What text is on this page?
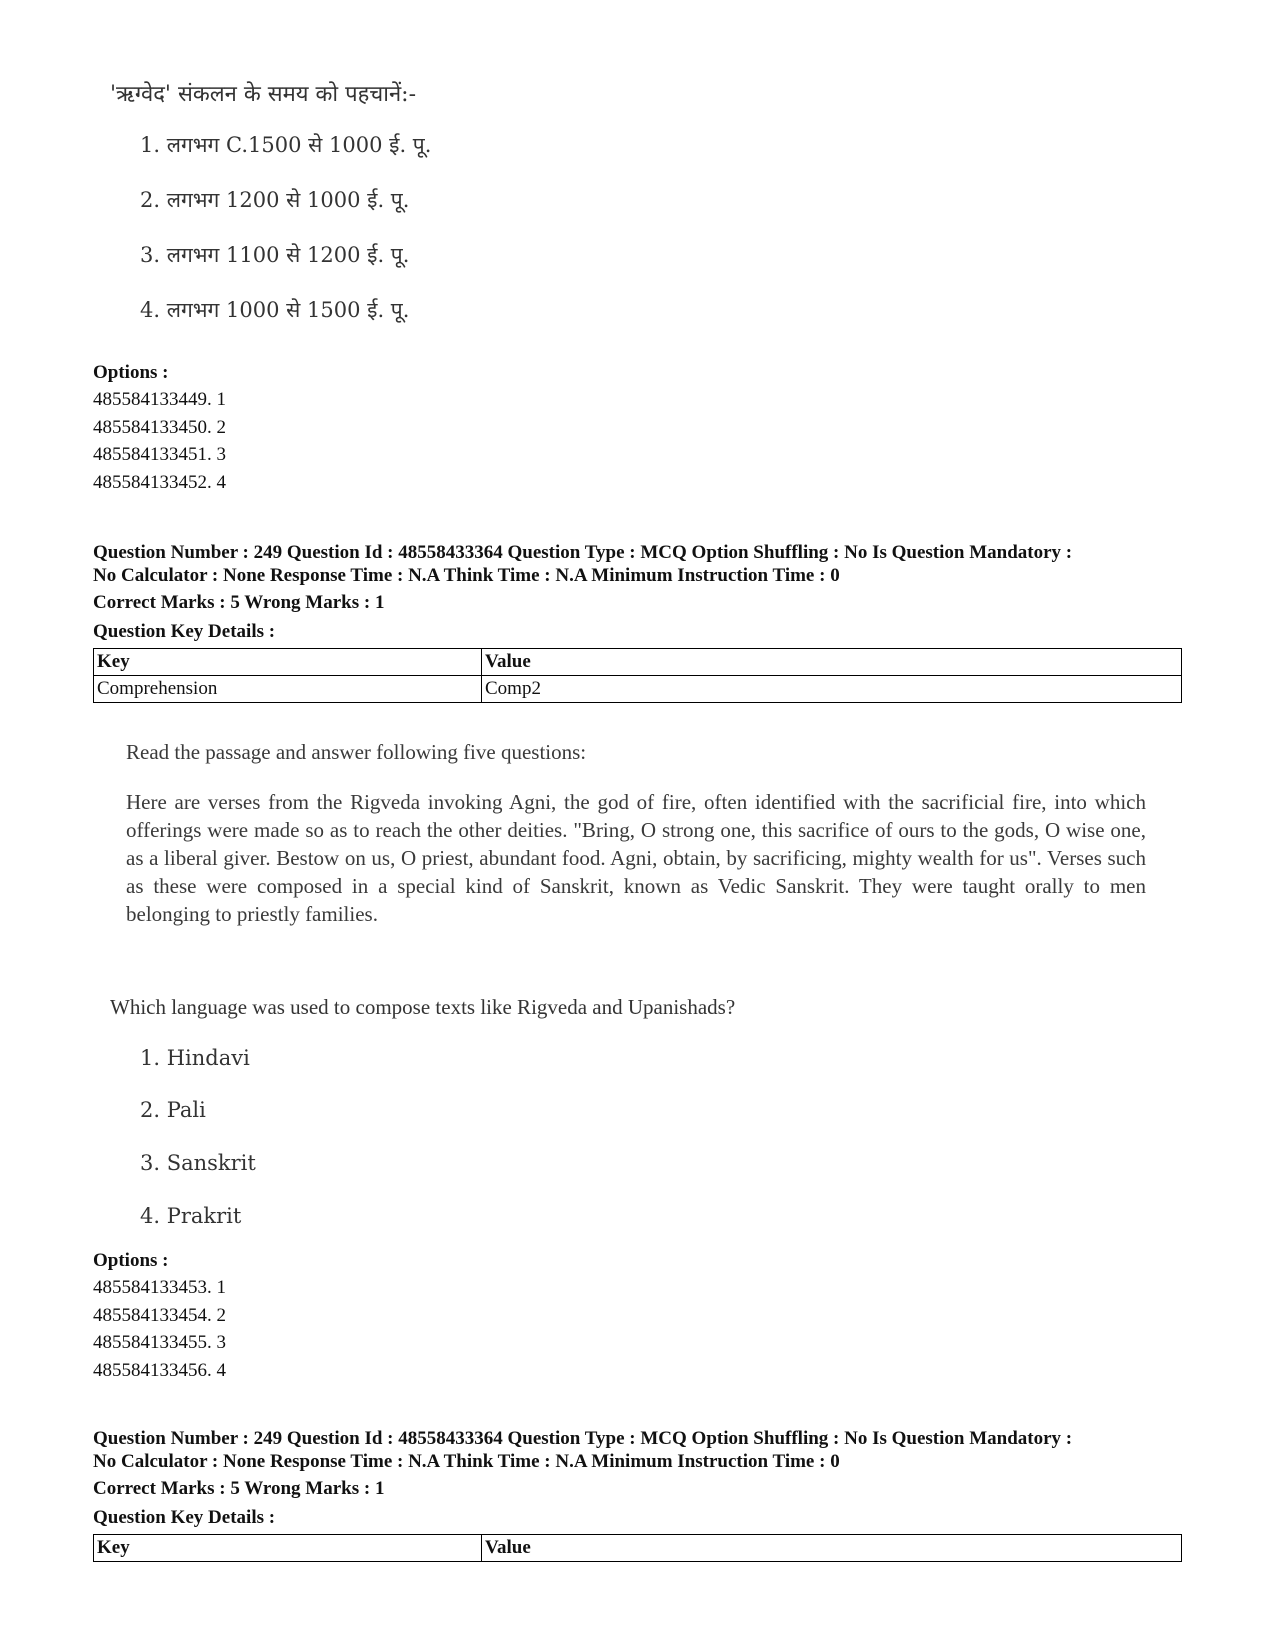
'ऋग्वेद' संकलन के समय को पहचानें:-
1. लगभग C.1500 से 1000 ई. पू.
2. लगभग 1200 से 1000 ई. पू.
3. लगभग 1100 से 1200 ई. पू.
4. लगभग 1000 से 1500 ई. पू.
Options :
485584133449. 1
485584133450. 2
485584133451. 3
485584133452. 4
Question Number : 249 Question Id : 48558433364 Question Type : MCQ Option Shuffling : No Is Question Mandatory :
No Calculator : None Response Time : N.A Think Time : N.A Minimum Instruction Time : 0
Correct Marks : 5 Wrong Marks : 1
Question Key Details :
Key	Value
Comprehension	Comp2
Read the passage and answer following five questions:
Here are verses from the Rigveda invoking Agni, the god of fire, often identified with the sacrificial fire, into which offerings were made so as to reach the other deities. "Bring, O strong one, this sacrifice of ours to the gods, O wise one, as a liberal giver. Bestow on us, O priest, abundant food. Agni, obtain, by sacrificing, mighty wealth for us". Verses such as these were composed in a special kind of Sanskrit, known as Vedic Sanskrit. They were taught orally to men belonging to priestly families.
Which language was used to compose texts like Rigveda and Upanishads?
1. Hindavi
2. Pali
3. Sanskrit
4. Prakrit
Options :
485584133453. 1
485584133454. 2
485584133455. 3
485584133456. 4
Question Number : 249 Question Id : 48558433364 Question Type : MCQ Option Shuffling : No Is Question Mandatory :
No Calculator : None Response Time : N.A Think Time : N.A Minimum Instruction Time : 0
Correct Marks : 5 Wrong Marks : 1
Question Key Details :
Key	Value
